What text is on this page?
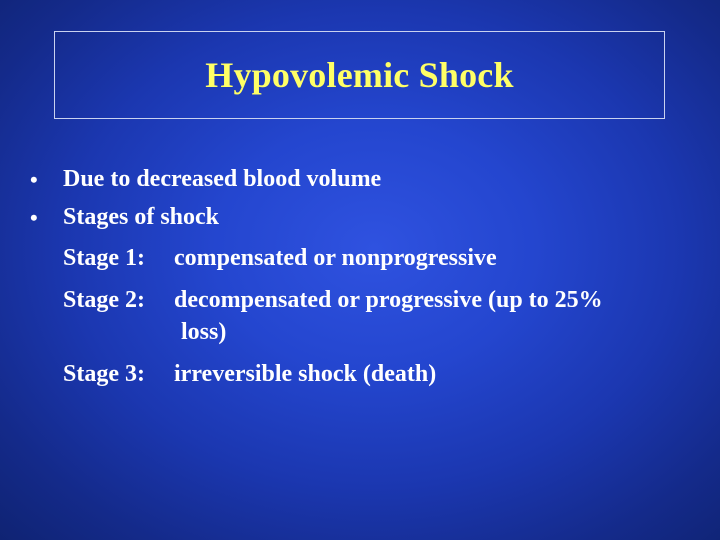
Hypovolemic Shock
• Due to decreased blood volume
• Stages of shock
Stage 1: compensated or nonprogressive
Stage 2: decompensated or progressive (up to 25%
loss)
Stage 3: irreversible shock (death)
